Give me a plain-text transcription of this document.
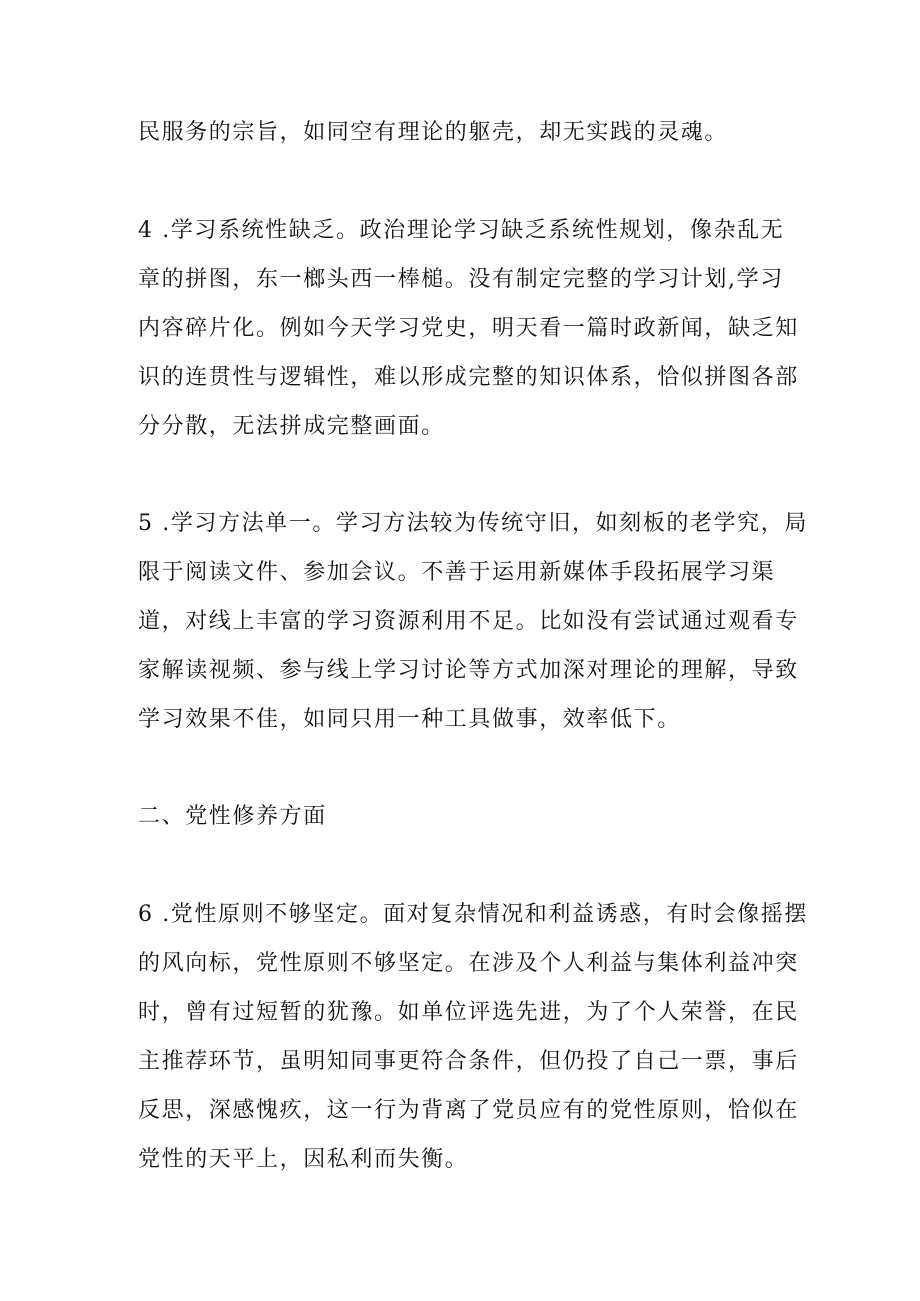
民服务的宗旨，如同空有理论的躯壳，却无实践的灵魂。
4 .学习系统性缺乏。政治理论学习缺乏系统性规划，像杂乱无
章的拼图，东一榔头西一棒槌。没有制定完整的学习计划,学习
内容碎片化。例如今天学习党史，明天看一篇时政新闻，缺乏知
识的连贯性与逻辑性，难以形成完整的知识体系，恰似拼图各部
分分散，无法拼成完整画面。
5 .学习方法单一。学习方法较为传统守旧，如刻板的老学究，局
限于阅读文件、参加会议。不善于运用新媒体手段拓展学习渠
道，对线上丰富的学习资源利用不足。比如没有尝试通过观看专
家解读视频、参与线上学习讨论等方式加深对理论的理解，导致
学习效果不佳，如同只用一种工具做事，效率低下。
二、党性修养方面
6 .党性原则不够坚定。面对复杂情况和利益诱惑，有时会像摇摆
的风向标，党性原则不够坚定。在涉及个人利益与集体利益冲突
时，曾有过短暂的犹豫。如单位评选先进，为了个人荣誉，在民
主推荐环节，虽明知同事更符合条件，但仍投了自己一票，事后
反思，深感愧疚，这一行为背离了党员应有的党性原则，恰似在
党性的天平上，因私利而失衡。
